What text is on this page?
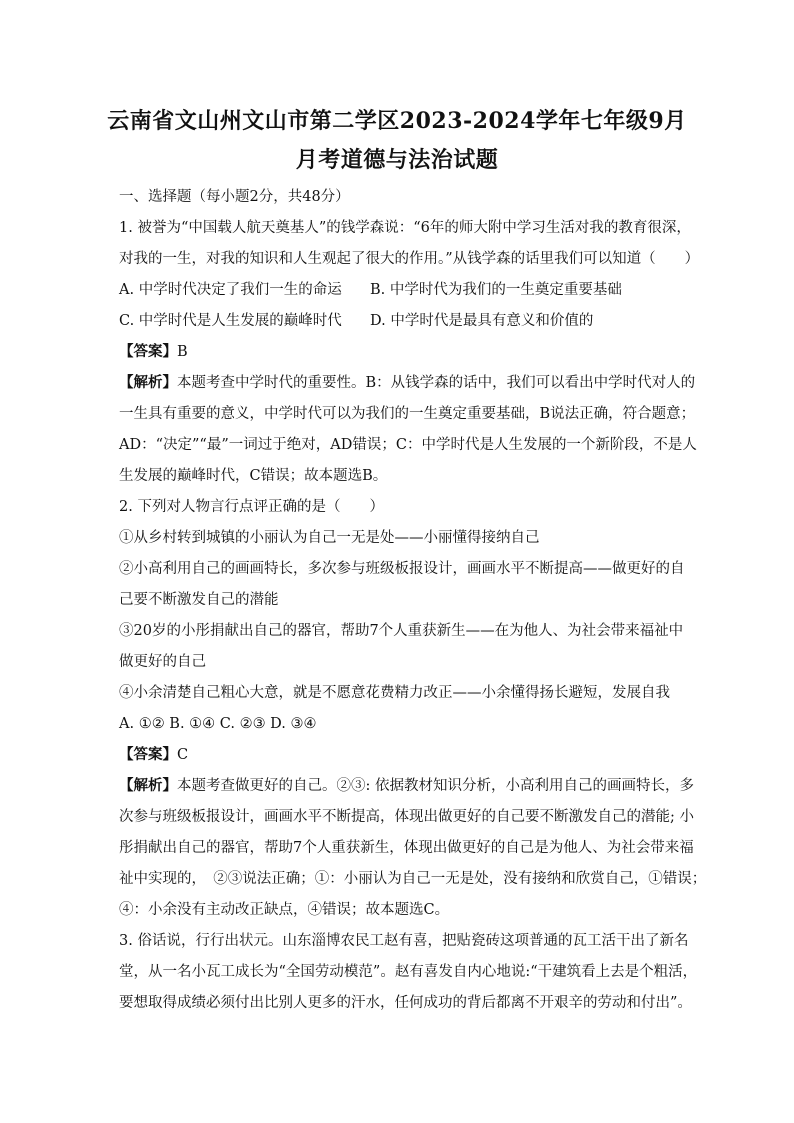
云南省文山州文山市第二学区2023-2024学年七年级9月
月考道德与法治试题
一、选择题（每小题2分，共48分）
1. 被誉为“中国载人航天奠基人”的钱学森说：“6年的师大附中学习生活对我的教育很深，
对我的一生，对我的知识和人生观起了很大的作用。”从钱学森的话里我们可以知道（　　）
A. 中学时代决定了我们一生的命运 B. 中学时代为我们的一生奠定重要基础
C. 中学时代是人生发展的巅峰时代 D. 中学时代是最具有意义和价值的
【答案】B
【解析】本题考查中学时代的重要性。B：从钱学森的话中，我们可以看出中学时代对人的
一生具有重要的意义，中学时代可以为我们的一生奠定重要基础，B说法正确，符合题意；
AD：“决定”“最”一词过于绝对，AD错误；C：中学时代是人生发展的一个新阶段，不是人
生发展的巅峰时代，C错误；故本题选B。
2. 下列对人物言行点评正确的是（　　）
①从乡村转到城镇的小丽认为自己一无是处——小丽懂得接纳自己
②小高利用自己的画画特长，多次参与班级板报设计，画画水平不断提高——做更好的自
己要不断激发自己的潜能
③20岁的小彤捐献出自己的器官，帮助7个人重获新生——在为他人、为社会带来福祉中
做更好的自己
④小余清楚自己粗心大意，就是不愿意花费精力改正——小余懂得扬长避短，发展自我
A. ①② B. ①④ C. ②③ D. ③④
【答案】C
【解析】本题考查做更好的自己。②③: 依据教材知识分析，小高利用自己的画画特长，多
次参与班级板报设计，画画水平不断提高，体现出做更好的自己要不断激发自己的潜能; 小
彤捐献出自己的器官，帮助7个人重获新生，体现出做更好的自己是为他人、为社会带来福
祉中实现的，　②③说法正确；①：小丽认为自己一无是处，没有接纳和欣赏自己，①错误；
④：小余没有主动改正缺点，④错误；故本题选C。
3. 俗话说，行行出状元。山东淄博农民工赵有喜，把贴瓷砖这项普通的瓦工活干出了新名
堂，从一名小瓦工成长为“全国劳动模范”。赵有喜发自内心地说:“干建筑看上去是个粗活，
要想取得成绩必须付出比别人更多的汗水，任何成功的背后都离不开艰辛的劳动和付出”。
